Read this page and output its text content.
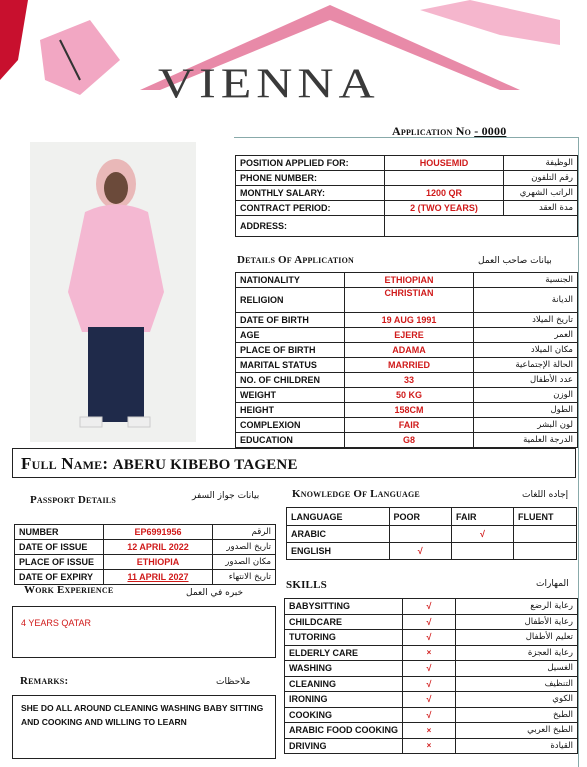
VIENNA
Application No - 0000
POSITION APPLIED FOR:	HOUSEMID	الوظيفة
PHONE NUMBER:		رقم التلفون
MONTHLY SALARY:	1200 QR	الراتب الشهري
CONTRACT PERIOD:	2 (TWO YEARS)	مدة العقد
ADDRESS:		
Details Of Application	بيانات صاحب العمل
NATIONALITY	ETHIOPIAN	الجنسية
RELIGION	CHRISTIAN	الديانة
DATE OF BIRTH	19 AUG 1991	تاريخ الميلاد
AGE	EJERE	العمر
PLACE OF BIRTH	ADAMA	مكان الميلاد
MARITAL STATUS	MARRIED	الحالة الإجتماعية
NO. OF CHILDREN	33	عدد الأطفال
WEIGHT	50 KG	الوزن
HEIGHT	158CM	الطول
COMPLEXION	FAIR	لون البشر
EDUCATION	G8	الدرجة العلمية
Full Name: ABERU KIBEBO TAGENE
Passport Details	بيانات جواز السفر
NUMBER	EP6991956	الرقم
DATE OF ISSUE	12 APRIL 2022	تاريخ الصدور
PLACE OF ISSUE	ETHIOPIA	مكان الصدور
DATE OF EXPIRY	11 APRIL 2027	تاريخ الانتهاء
Work Experience	خبره في العمل
4 YEARS QATAR
Remarks:	ملاحظات
SHE DO ALL AROUND CLEANING WASHING BABY SITTING AND COOKING AND WILLING TO LEARN
Knowledge Of Language	إجاده اللغات
LANGUAGE	POOR	FAIR	FLUENT
ARABIC		√	
ENGLISH	√		
SKILLS	المهارات
BABYSITTING	√	رعاية الرضع
CHILDCARE	√	رعاية الأطفال
TUTORING	√	تعليم الأطفال
ELDERLY CARE	×	رعاية العجزة
WASHING	√	الغسيل
CLEANING	√	التنظيف
IRONING	√	الكوي
COOKING	√	الطبخ
ARABIC FOOD COOKING	×	الطبخ العربي
DRIVING	×	القيادة
